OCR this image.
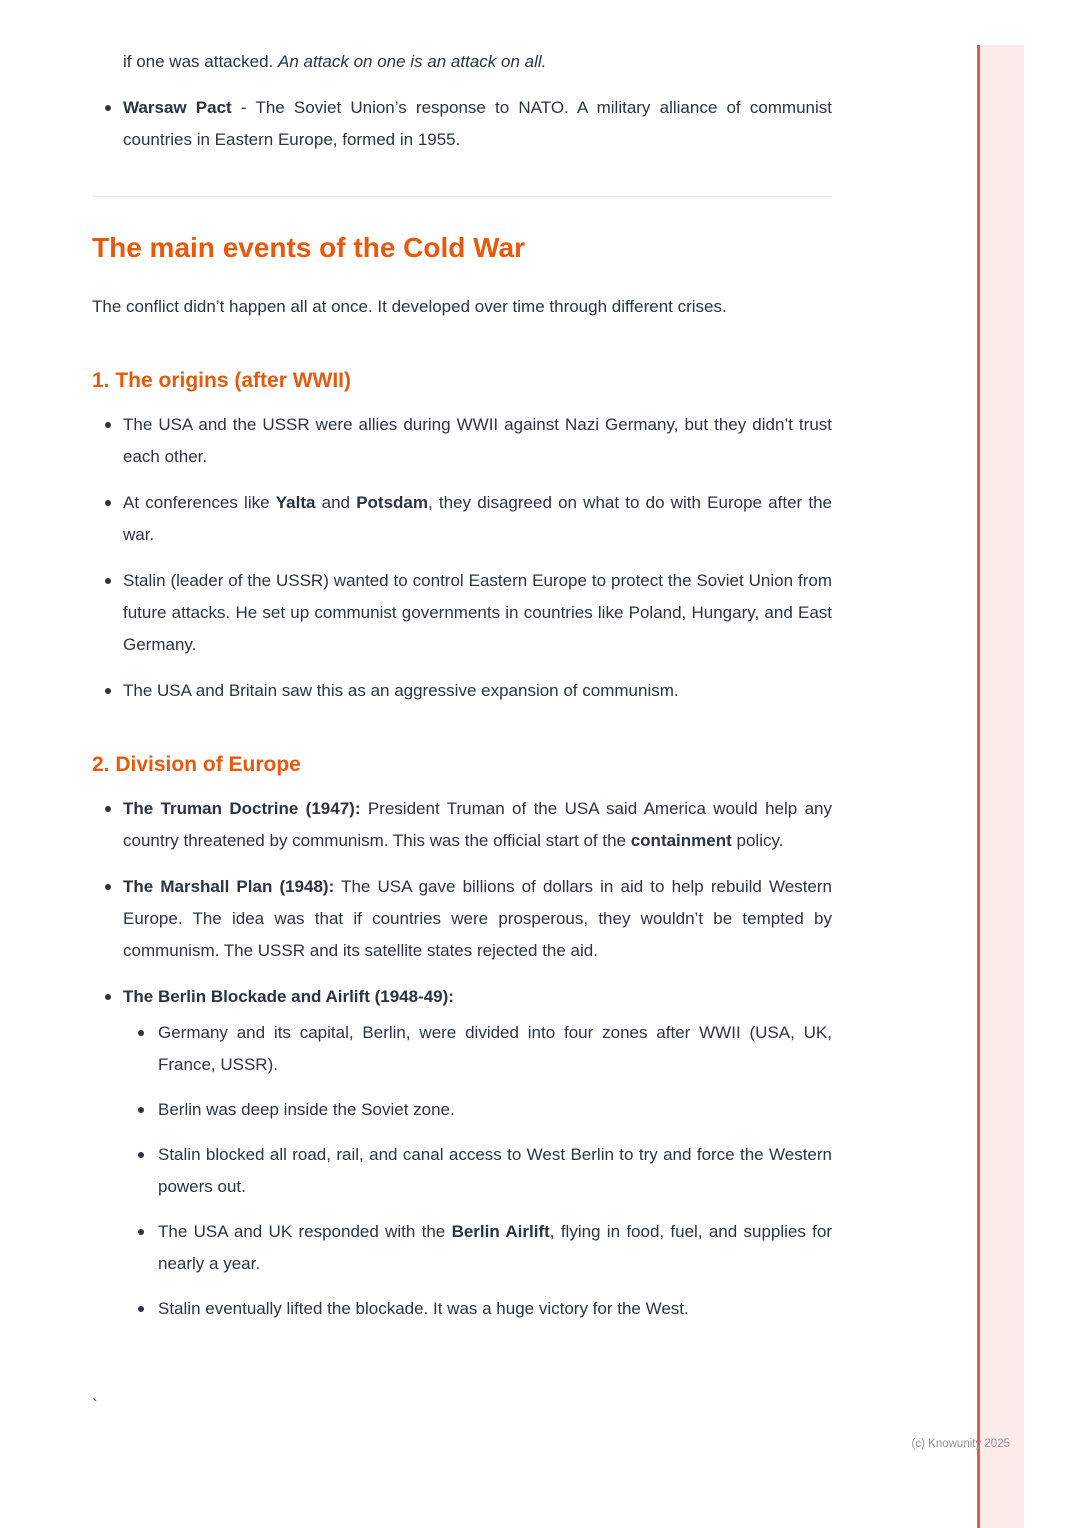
if one was attacked. An attack on one is an attack on all.
Warsaw Pact - The Soviet Union’s response to NATO. A military alliance of communist countries in Eastern Europe, formed in 1955.
The main events of the Cold War

The conflict didn’t happen all at once. It developed over time through different crises.

1. The origins (after WWII)
The USA and the USSR were allies during WWII against Nazi Germany, but they didn’t trust each other.
At conferences like Yalta and Potsdam, they disagreed on what to do with Europe after the war.
Stalin (leader of the USSR) wanted to control Eastern Europe to protect the Soviet Union from future attacks. He set up communist governments in countries like Poland, Hungary, and East Germany.
The USA and Britain saw this as an aggressive expansion of communism.
2. Division of Europe
The Truman Doctrine (1947): President Truman of the USA said America would help any country threatened by communism. This was the official start of the containment policy.
The Marshall Plan (1948): The USA gave billions of dollars in aid to help rebuild Western Europe. The idea was that if countries were prosperous, they wouldn’t be tempted by communism. The USSR and its satellite states rejected the aid.
The Berlin Blockade and Airlift (1948-49):
Germany and its capital, Berlin, were divided into four zones after WWII (USA, UK, France, USSR).
Berlin was deep inside the Soviet zone.
Stalin blocked all road, rail, and canal access to West Berlin to try and force the Western powers out.
The USA and UK responded with the Berlin Airlift, flying in food, fuel, and supplies for nearly a year.
Stalin eventually lifted the blockade. It was a huge victory for the West.
`
(c) Knowunity 2025
